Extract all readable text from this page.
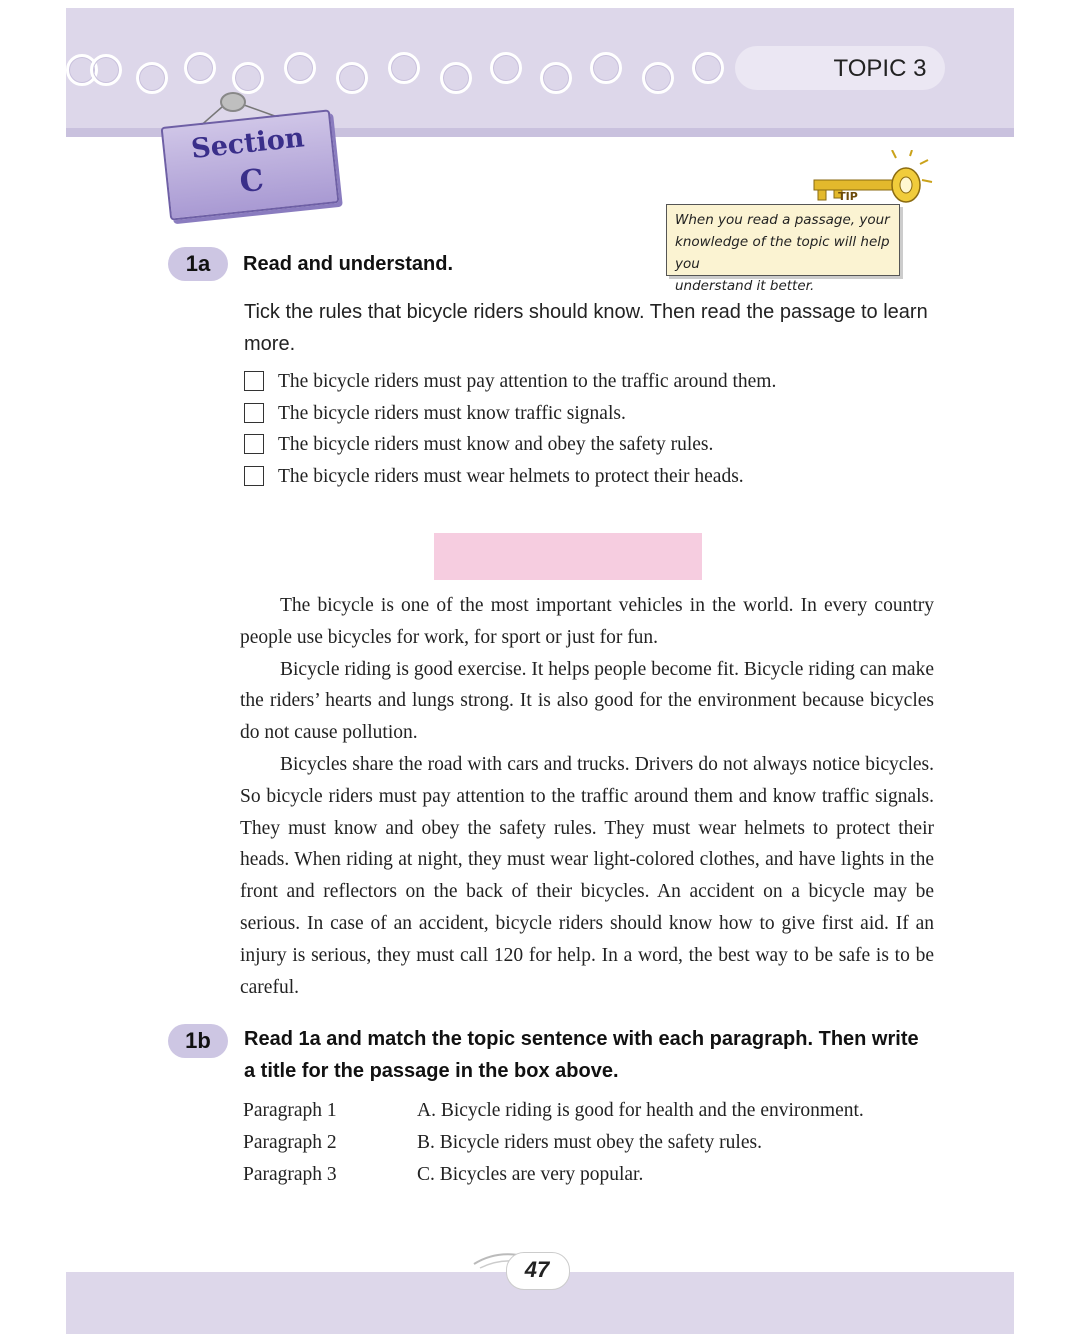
TOPIC 3
Section
C	TIP
When you read a passage, your
knowledge of the topic will help you
understand it better.
1a	Read and understand.
Tick the rules that bicycle riders should know. Then read the passage to learn more.
The bicycle riders must pay attention to the traffic around them.
The bicycle riders must know traffic signals.
The bicycle riders must know and obey the safety rules.
The bicycle riders must wear helmets to protect their heads.

The bicycle is one of the most important vehicles in the world. In every country people use bicycles for work, for sport or just for fun.

Bicycle riding is good exercise. It helps people become fit. Bicycle riding can make the riders’ hearts and lungs strong. It is also good for the environment because bicycles do not cause pollution.

Bicycles share the road with cars and trucks. Drivers do not always notice bicycles. So bicycle riders must pay attention to the traffic around them and know traffic signals. They must know and obey the safety rules. They must wear helmets to protect their heads. When riding at night, they must wear light-colored clothes, and have lights in the front and reflectors on the back of their bicycles. An accident on a bicycle may be serious. In case of an accident, bicycle riders should know how to give first aid. If an injury is serious, they must call 120 for help. In a word, the best way to be safe is to be careful.

1b	Read 1a and match the topic sentence with each paragraph. Then write
a title for the passage in the box above.
Paragraph 1	A. Bicycle riding is good for health and the environment.
Paragraph 2	B. Bicycle riders must obey the safety rules.
Paragraph 3	C. Bicycles are very popular.
47
